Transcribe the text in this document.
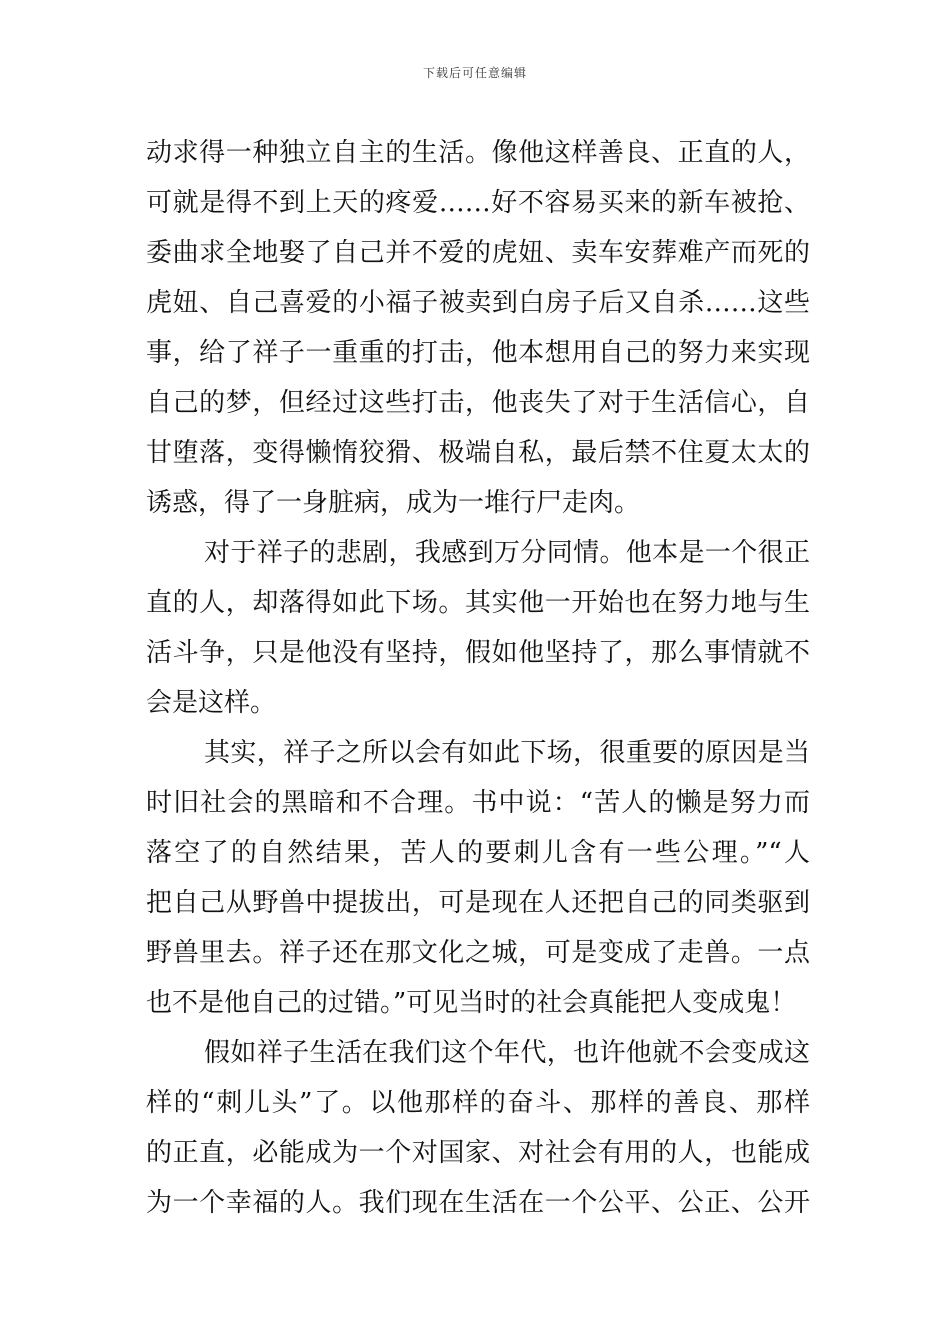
下载后可任意编辑
动求得一种独立自主的生活。像他这样善良、正直的人，
可就是得不到上天的疼爱……好不容易买来的新车被抢、
委曲求全地娶了自己并不爱的虎妞、卖车安葬难产而死的
虎妞、自己喜爱的小福子被卖到白房子后又自杀……这些
事，给了祥子一重重的打击，他本想用自己的努力来实现
自己的梦，但经过这些打击，他丧失了对于生活信心，自
甘堕落，变得懒惰狡猾、极端自私，最后禁不住夏太太的
诱惑，得了一身脏病，成为一堆行尸走肉。
对于祥子的悲剧，我感到万分同情。他本是一个很正
直的人，却落得如此下场。其实他一开始也在努力地与生
活斗争，只是他没有坚持，假如他坚持了，那么事情就不
会是这样。
其实，祥子之所以会有如此下场，很重要的原因是当
时旧社会的黑暗和不合理。书中说：“苦人的懒是努力而
落空了的自然结果，苦人的要刺儿含有一些公理。”“人
把自己从野兽中提拔出，可是现在人还把自己的同类驱到
野兽里去。祥子还在那文化之城，可是变成了走兽。一点
也不是他自己的过错。”可见当时的社会真能把人变成鬼！
假如祥子生活在我们这个年代，也许他就不会变成这
样的“刺儿头”了。以他那样的奋斗、那样的善良、那样
的正直，必能成为一个对国家、对社会有用的人，也能成
为一个幸福的人。我们现在生活在一个公平、公正、公开
